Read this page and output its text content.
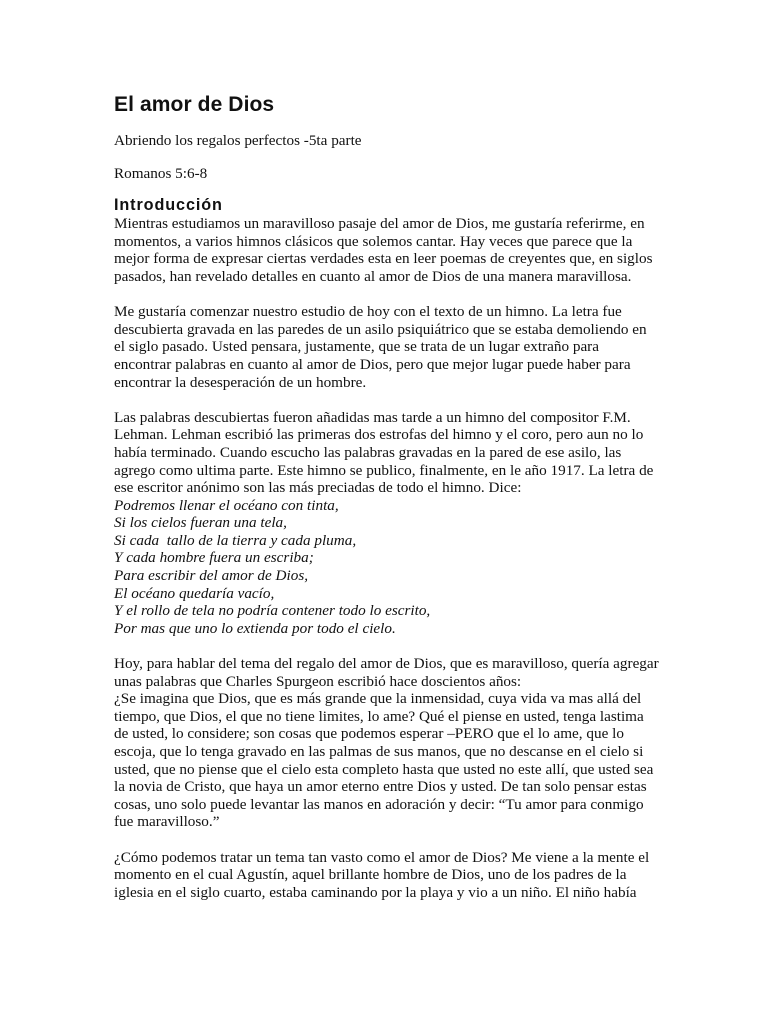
El amor de Dios

Abriendo los regalos perfectos -5ta parte

Romanos 5:6-8

Introducción

Mientras estudiamos un maravilloso pasaje del amor de Dios, me gustaría referirme, en momentos, a varios himnos clásicos que solemos cantar. Hay veces que parece que la mejor forma de expresar ciertas verdades esta en leer poemas de creyentes que, en siglos pasados, han revelado detalles en cuanto al amor de Dios de una manera maravillosa.

Me gustaría comenzar nuestro estudio de hoy con el texto de un himno. La letra fue descubierta gravada en las paredes de un asilo psiquiátrico que se estaba demoliendo en el siglo pasado. Usted pensara, justamente, que se trata de un lugar extraño para encontrar palabras en cuanto al amor de Dios, pero que mejor lugar puede haber para encontrar la desesperación de un hombre.

Las palabras descubiertas fueron añadidas mas tarde a un himno del compositor F.M. Lehman. Lehman escribió las primeras dos estrofas del himno y el coro, pero aun no lo había terminado. Cuando escucho las palabras gravadas en la pared de ese asilo, las agrego como ultima parte. Este himno se publico, finalmente, en le año 1917. La letra de ese escritor anónimo son las más preciadas de todo el himno. Dice:

Podremos llenar el océano con tinta,
Si los cielos fueran una tela,
Si cada  tallo de la tierra y cada pluma,
Y cada hombre fuera un escriba;
Para escribir del amor de Dios,
El océano quedaría vacío,
Y el rollo de tela no podría contener todo lo escrito,
Por mas que uno lo extienda por todo el cielo.

Hoy, para hablar del tema del regalo del amor de Dios, que es maravilloso, quería agregar unas palabras que Charles Spurgeon escribió hace doscientos años:

¿Se imagina que Dios, que es más grande que la inmensidad, cuya vida va mas allá del tiempo, que Dios, el que no tiene limites, lo ame? Qué el piense en usted, tenga lastima de usted, lo considere; son cosas que podemos esperar –PERO que el lo ame, que lo escoja, que lo tenga gravado en las palmas de sus manos, que no descanse en el cielo si usted, que no piense que el cielo esta completo hasta que usted no este allí, que usted sea la novia de Cristo, que haya un amor eterno entre Dios y usted. De tan solo pensar estas cosas, uno solo puede levantar las manos en adoración y decir: “Tu amor para conmigo fue maravilloso.”

¿Cómo podemos tratar un tema tan vasto como el amor de Dios? Me viene a la mente el momento en el cual Agustín, aquel brillante hombre de Dios, uno de los padres de la iglesia en el siglo cuarto, estaba caminando por la playa y vio a un niño. El niño había
